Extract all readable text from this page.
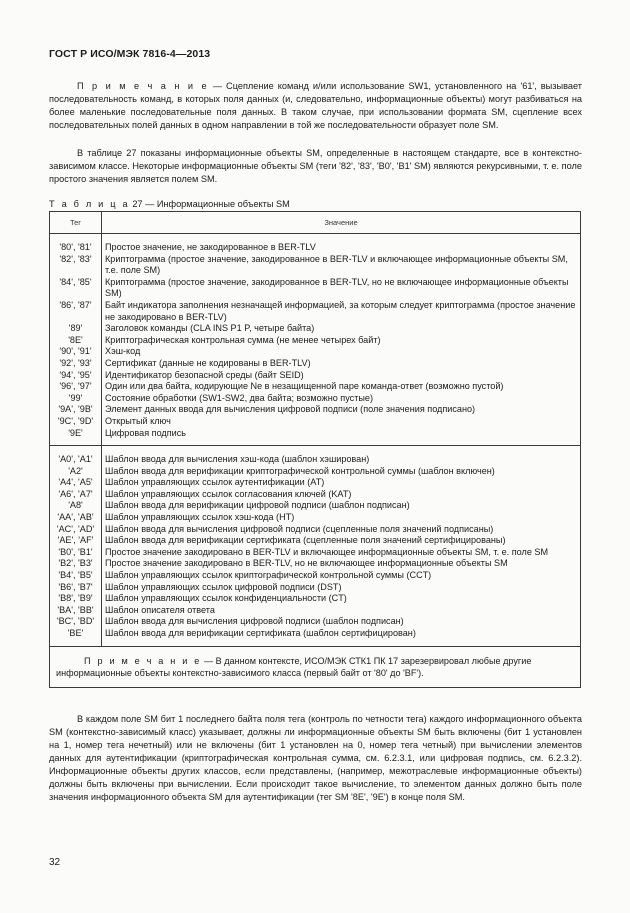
ГОСТ Р ИСО/МЭК 7816-4—2013
П р и м е ч а н и е — Сцепление команд и/или использование SW1, установленного на '61', вызывает последовательность команд, в которых поля данных (и, следовательно, информационные объекты) могут разбиваться на более маленькие последовательные поля данных. В таком случае, при использовании формата SM, сцепление всех последовательных полей данных в одном направлении в той же последовательности образует поле SM.
В таблице 27 показаны информационные объекты SM, определенные в настоящем стандарте, все в контекстно-зависимом классе. Некоторые информационные объекты SM (теги '82', '83', 'B0', 'B1' SM) являются рекурсивными, т. е. поле простого значения является полем SM.
Т а б л и ц а 27 — Информационные объекты SM
Тег	Значение
'80', '81'	Простое значение, не закодированное в BER-TLV
'82', '83'	Криптограмма (простое значение, закодированное в BER-TLV и включающее информационные объекты SM, т.е. поле SM)
'84', '85'	Криптограмма (простое значение, закодированное в BER-TLV, но не включающее информационные объекты SM)
'86', '87'	Байт индикатора заполнения незначащей информацией, за которым следует криптограмма (простое значение не закодировано в BER-TLV)
'89'	Заголовок команды (CLA INS P1 P, четыре байта)
'8E'	Криптографическая контрольная сумма (не менее четырех байт)
'90', '91'	Хэш-код
'92', '93'	Сертификат (данные не кодированы в BER-TLV)
'94', '95'	Идентификатор безопасной среды (байт SEID)
'96', '97'	Один или два байта, кодирующие Ne в незащищенной паре команда-ответ (возможно пустой)
'99'	Состояние обработки (SW1-SW2, два байта; возможно пустые)
'9A', '9B'	Элемент данных ввода для вычисления цифровой подписи (поле значения подписано)
'9C', '9D'	Открытый ключ
'9E'	Цифровая подпись
'A0', 'A1'	Шаблон ввода для вычисления хэш-кода (шаблон хэширован)
'A2'	Шаблон ввода для верификации криптографической контрольной суммы (шаблон включен)
'A4', 'A5'	Шаблон управляющих ссылок аутентификации (AT)
'A6', 'A7'	Шаблон управляющих ссылок согласования ключей (KAT)
'A8'	Шаблон ввода для верификации цифровой подписи (шаблон подписан)
'AA', 'AB'	Шаблон управляющих ссылок хэш-кода (HT)
'AC', 'AD'	Шаблон ввода для вычисления цифровой подписи (сцепленные поля значений подписаны)
'AE', 'AF'	Шаблон ввода для верификации сертификата (сцепленные поля значений сертифицированы)
'B0', 'B1'	Простое значение закодировано в BER-TLV и включающее информационные объекты SM, т. е. поле SM
'B2', 'B3'	Простое значение закодировано в BER-TLV, но не включающее информационные объекты SM
'B4', 'B5'	Шаблон управляющих ссылок криптографической контрольной суммы (CCT)
'B6', 'B7'	Шаблон управляющих ссылок цифровой подписи (DST)
'B8', 'B9'	Шаблон управляющих ссылок конфиденциальности (CT)
'BA', 'BB'	Шаблон описателя ответа
'BC', 'BD'	Шаблон ввода для вычисления цифровой подписи (шаблон подписан)
'BE'	Шаблон ввода для верификации сертификата (шаблон сертифицирован)

П р и м е ч а н и е — В данном контексте, ИСО/МЭК СТК1 ПК 17 зарезервировал любые другие информационные объекты контекстно-зависимого класса (первый байт от '80' до 'BF').	
В каждом поле SM бит 1 последнего байта поля тега (контроль по четности тега) каждого информационного объекта SM (контекстно-зависимый класс) указывает, должны ли информационные объекты SM быть включены (бит 1 установлен на 1, номер тега нечетный) или не включены (бит 1 установлен на 0, номер тега четный) при вычислении элементов данных для аутентификации (криптографическая контрольная сумма, см. 6.2.3.1, или цифровая подпись, см. 6.2.3.2). Информационные объекты других классов, если представлены, (например, межотраслевые информационные объекты) должны быть включены при вычислении. Если происходит такое вычисление, то элементом данных должно быть поле значения информационного объекта SM для аутентификации (тег SM '8E', '9E') в конце поля SM.
32
